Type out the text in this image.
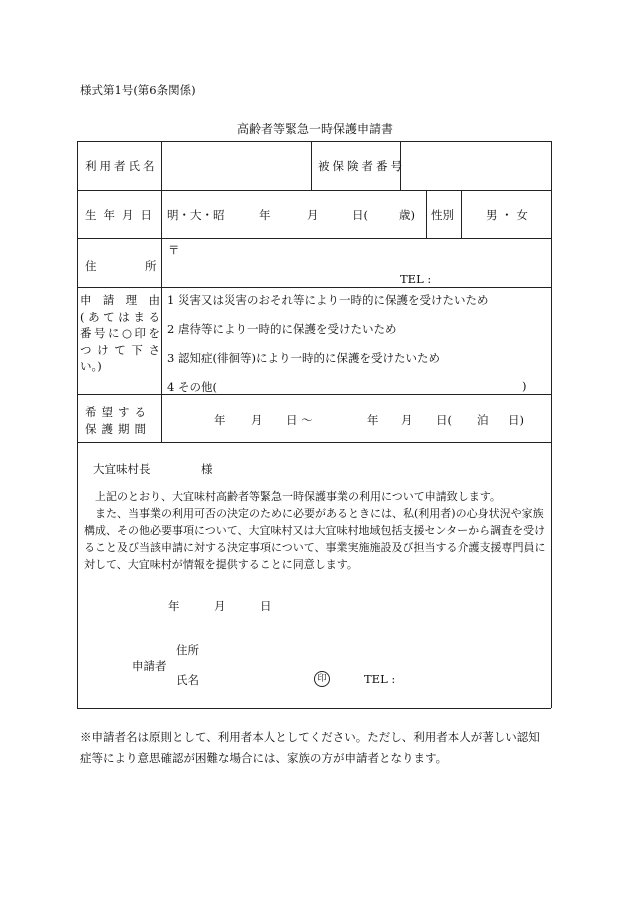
様式第1号(第6条関係)
高齢者等緊急一時保護申請書
利用者氏名	被保険者番号
生年月日 明・大・昭	年	月	日(	歳) 性別	男 ・ 女
住	所
〒
TEL :
申請理由
(あてはまる
番号に○印を
つけて下さ
い。)
1 災害又は災害のおそれ等により一時的に保護を受けたいため
2 虐待等により一時的に保護を受けたいため
3 認知症(徘徊等)により一時的に保護を受けたいため
4 その他(	)
希望する
保護期間
年 月 日 〜	年 月 日( 泊 日)
大宜味村長	様
上記のとおり、大宜味村高齢者等緊急一時保護事業の利用について申請致します。
また、当事業の利用可否の決定のために必要があるときには、私(利用者)の心身状況や家族構成、その他必要事項について、大宜味村又は大宜味村地域包括支援センターから調査を受けること及び当該申請に対する決定事項について、事業実施施設及び担当する介護支援専門員に対して、大宜味村が情報を提供することに同意します。
年	月	日
住所
申請者
氏名	印	TEL :
※申請者名は原則として、利用者本人としてください。ただし、利用者本人が著しい認知症等により意思確認が困難な場合には、家族の方が申請者となります。
